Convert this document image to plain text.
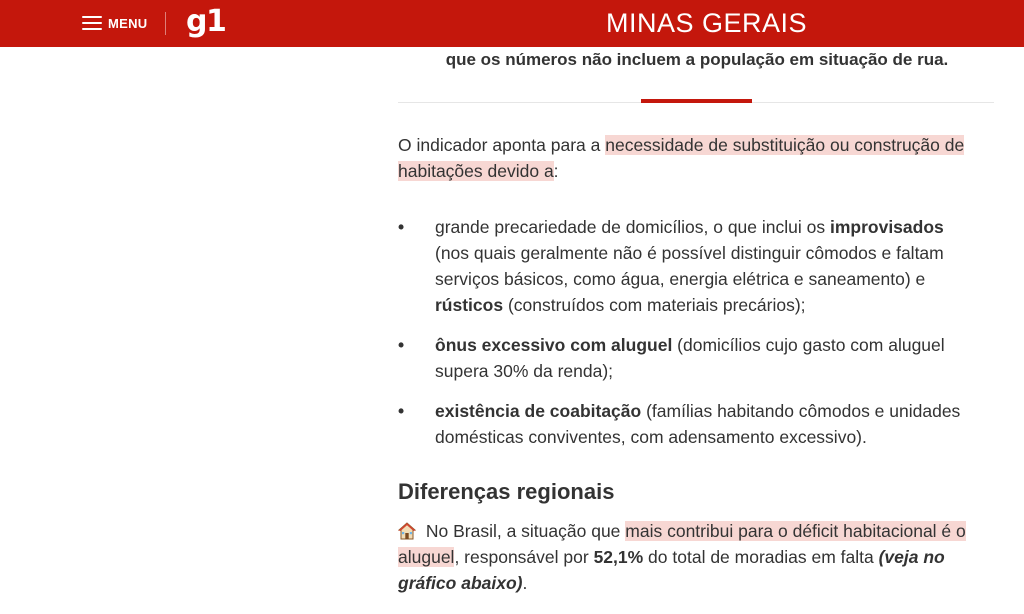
MENU g1	MINAS GERAIS
que os números não incluem a população em situação de rua.

O indicador aponta para a necessidade de substituição ou construção de habitações devido a:

• grande precariedade de domicílios, o que inclui os improvisados (nos quais geralmente não é possível distinguir cômodos e faltam serviços básicos, como água, energia elétrica e saneamento) e rústicos (construídos com materiais precários);
• ônus excessivo com aluguel (domicílios cujo gasto com aluguel supera 30% da renda);
• existência de coabitação (famílias habitando cômodos e unidades domésticas conviventes, com adensamento excessivo).
Diferenças regionais

No Brasil, a situação que mais contribui para o déficit habitacional é o aluguel, responsável por 52,1% do total de moradias em falta (veja no gráfico abaixo).
